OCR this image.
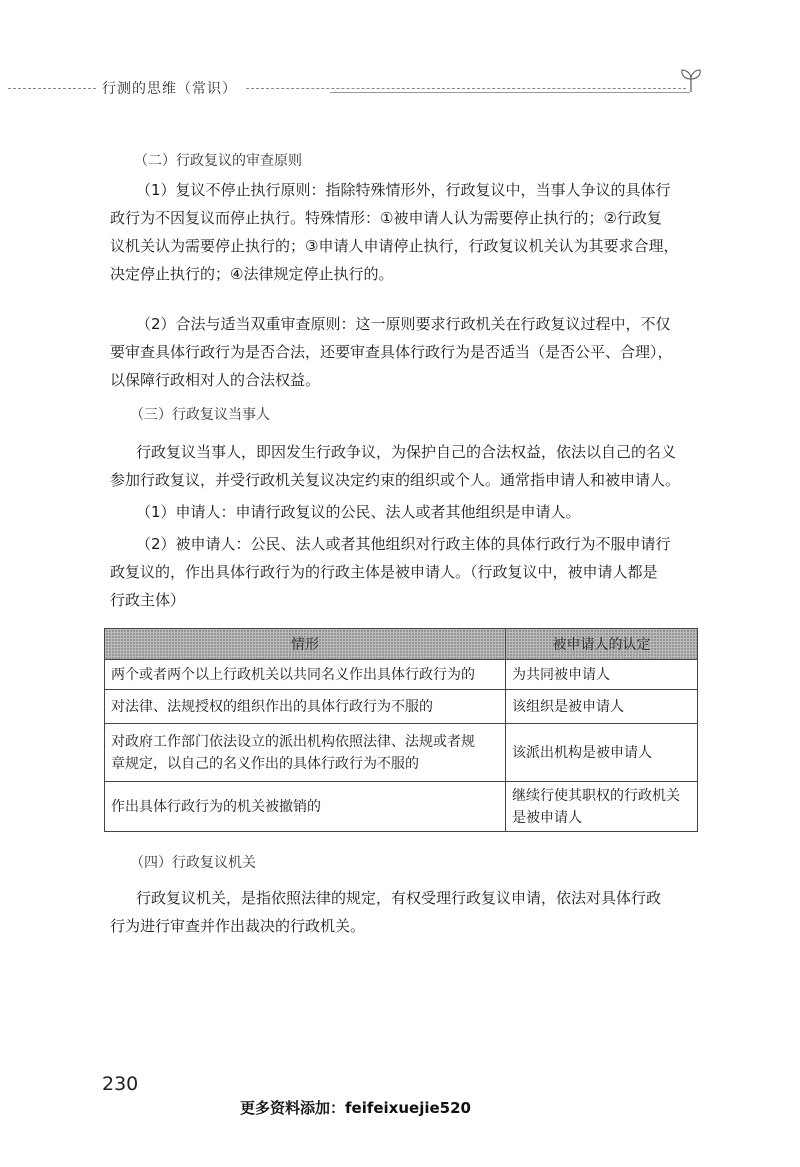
行测的思维（常识）
（二）行政复议的审查原则
（1）复议不停止执行原则：指除特殊情形外，行政复议中，当事人争议的具体行
政行为不因复议而停止执行。特殊情形：①被申请人认为需要停止执行的；②行政复
议机关认为需要停止执行的；③申请人申请停止执行，行政复议机关认为其要求合理，
决定停止执行的；④法律规定停止执行的。
（2）合法与适当双重审查原则：这一原则要求行政机关在行政复议过程中，不仅
要审查具体行政行为是否合法，还要审查具体行政行为是否适当（是否公平、合理），
以保障行政相对人的合法权益。
（三）行政复议当事人
行政复议当事人，即因发生行政争议，为保护自己的合法权益，依法以自己的名义
参加行政复议，并受行政机关复议决定约束的组织或个人。通常指申请人和被申请人。
（1）申请人：申请行政复议的公民、法人或者其他组织是申请人。
（2）被申请人：公民、法人或者其他组织对行政主体的具体行政行为不服申请行
政复议的，作出具体行政行为的行政主体是被申请人。（行政复议中，被申请人都是
行政主体）
情形	被申请人的认定
两个或者两个以上行政机关以共同名义作出具体行政行为的	为共同被申请人
对法律、法规授权的组织作出的具体行政行为不服的	该组织是被申请人

对政府工作部门依法设立的派出机构依照法律、法规或者规
章规定，以自己的名义作出的具体行政行为不服的	该派出机构是被申请人
作出具体行政行为的机关被撤销的	继续行使其职权的行政机关
是被申请人
（四）行政复议机关
行政复议机关，是指依照法律的规定，有权受理行政复议申请，依法对具体行政
行为进行审查并作出裁决的行政机关。
230
更多资料添加：feifeixuejie520
